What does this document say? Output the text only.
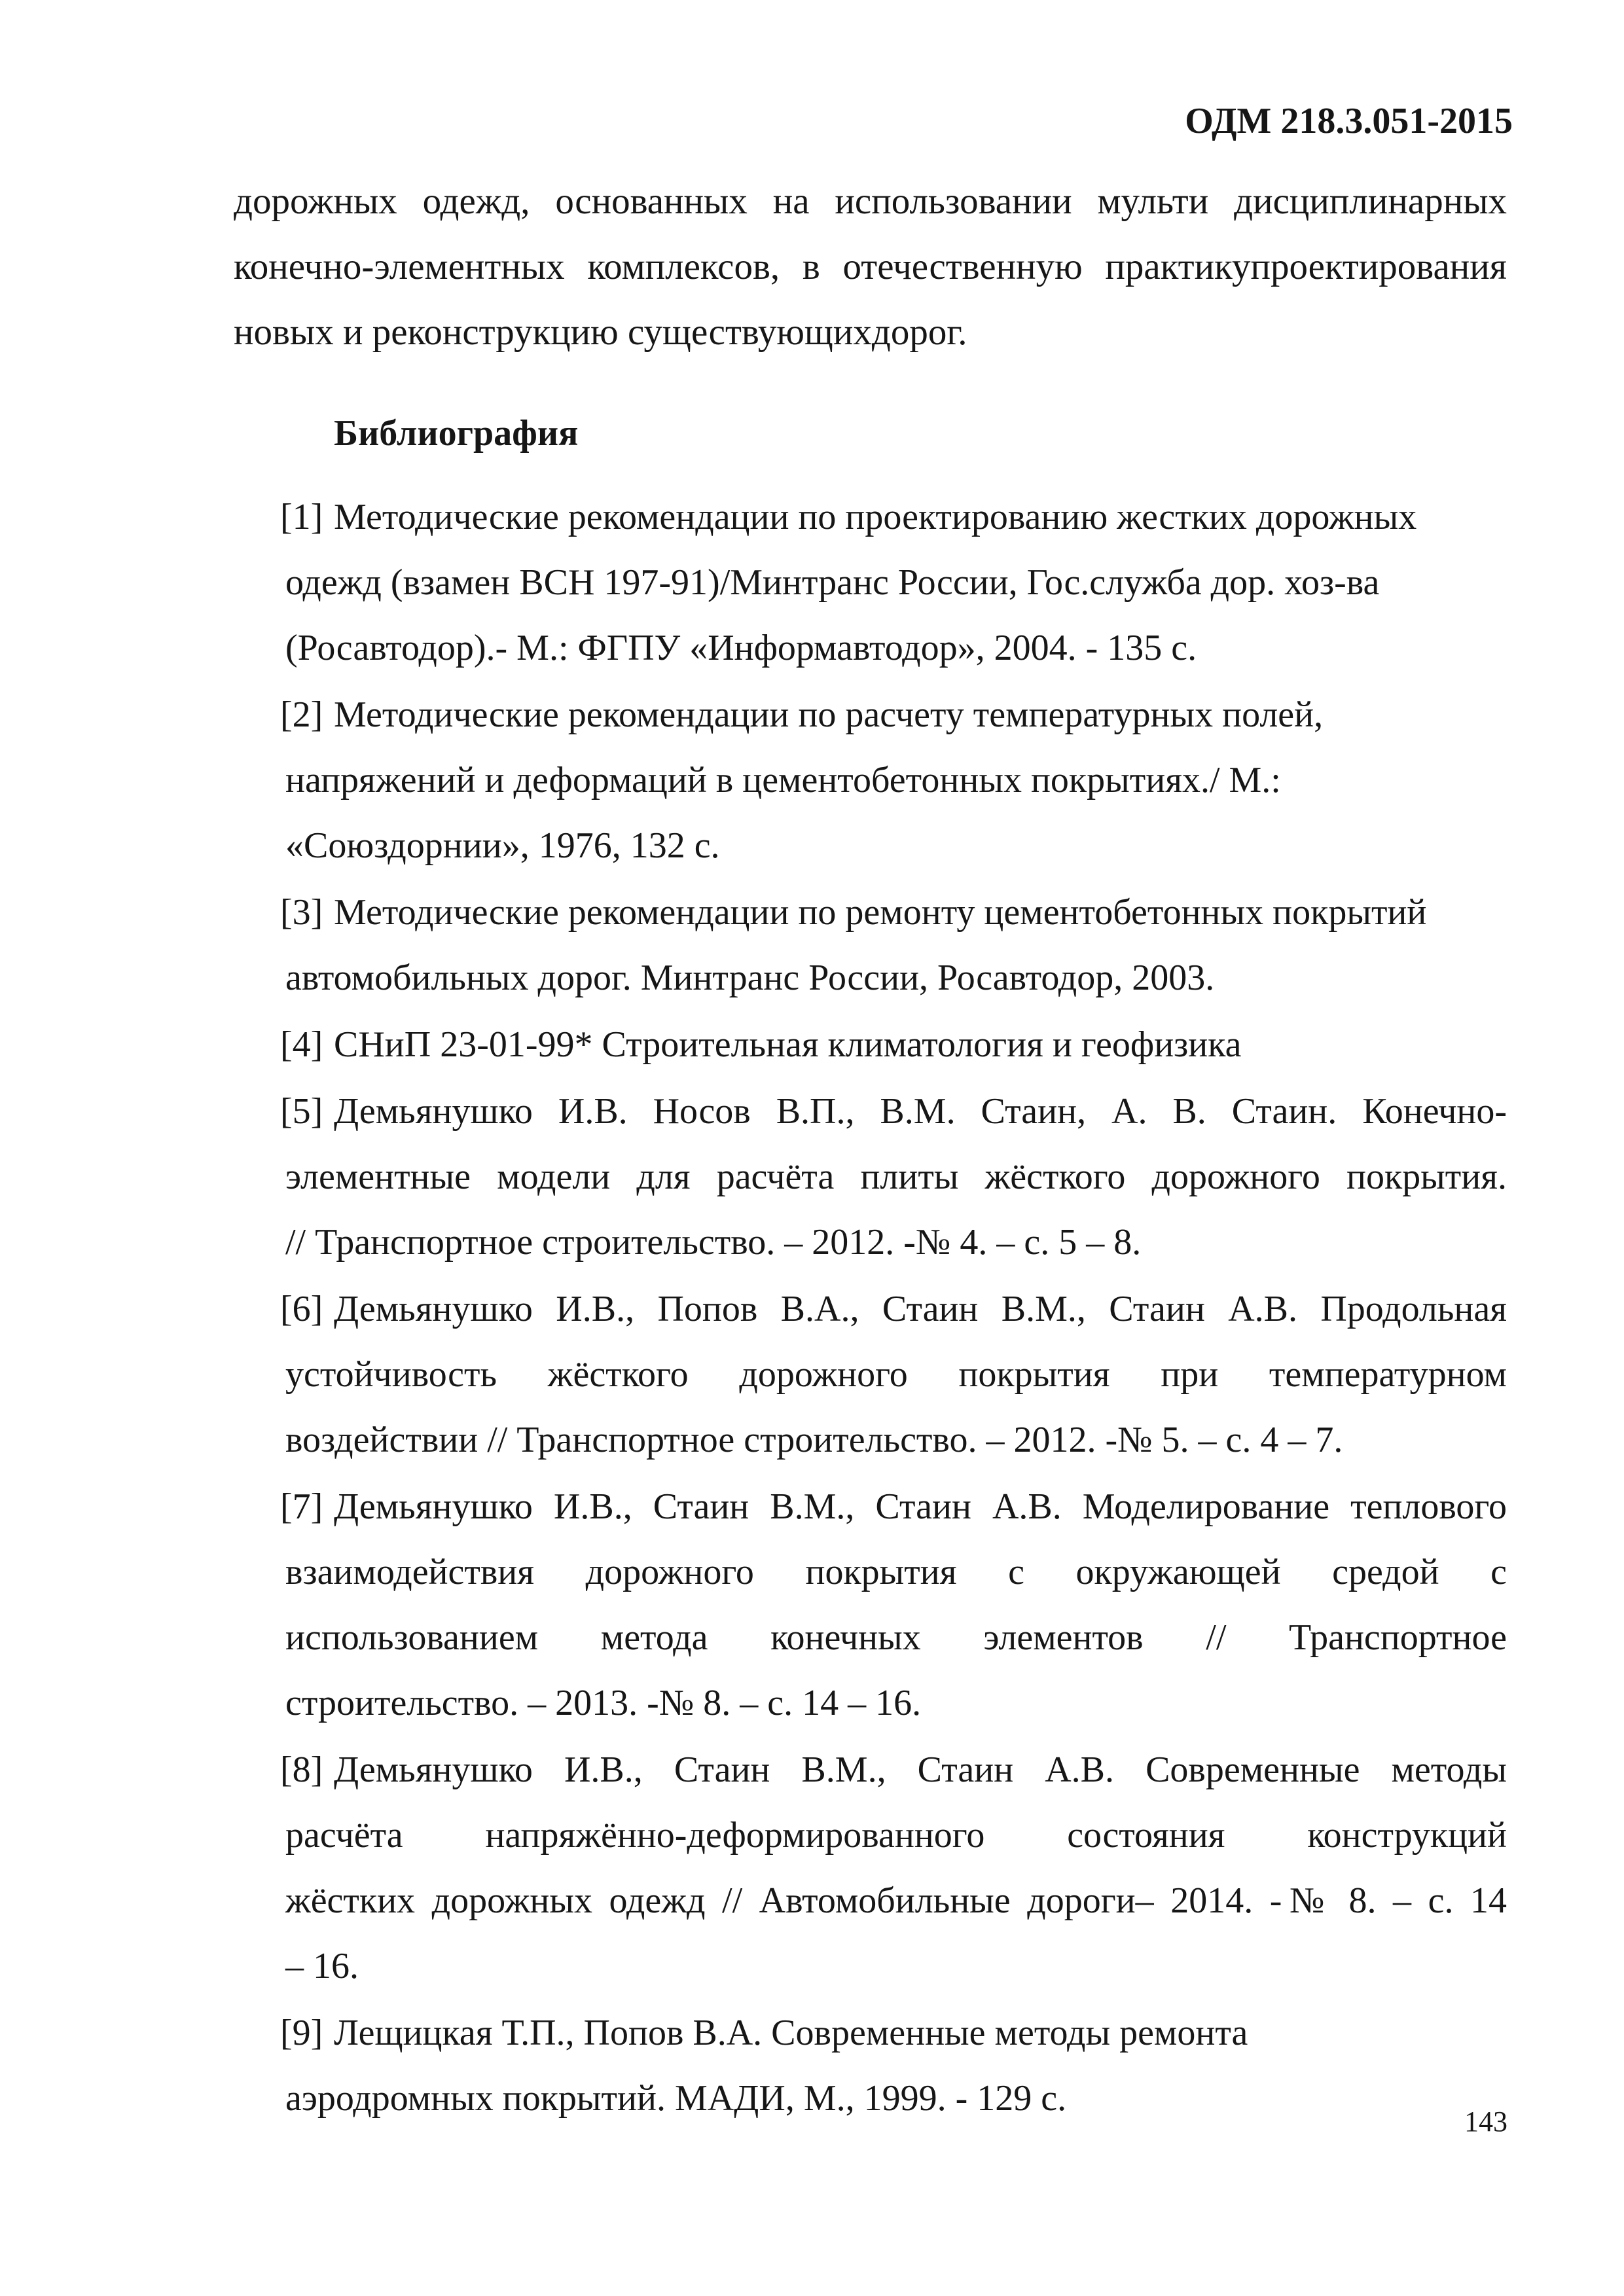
ОДМ 218.3.051-2015

дорожных одежд, основанных на использовании мульти дисциплинарных
конечно-элементных комплексов, в отечественную практикупроектирования
новых и реконструкцию существующихдорог.

Библиография
[1] Методические рекомендации по проектированию жестких дорожных
одежд (взамен ВСН 197-91)/Минтранс России, Гос.служба дор. хоз-ва
(Росавтодор).- М.: ФГПУ «Информавтодор», 2004. - 135 с.
[2] Методические рекомендации по расчету температурных полей,
напряжений и деформаций в цементобетонных покрытиях./ М.:
«Союздорнии», 1976, 132 с.
[3] Методические рекомендации по ремонту цементобетонных покрытий
автомобильных дорог. Минтранс России, Росавтодор, 2003.
[4] СНиП 23-01-99* Строительная климатология и геофизика
[5] Демьянушко И.В. Носов В.П., В.М. Стаин, А. В. Стаин. Конечно-
элементные модели для расчёта плиты жёсткого дорожного покрытия.
// Транспортное строительство. – 2012. -№ 4. – с. 5 – 8.
[6] Демьянушко И.В., Попов В.А., Стаин В.М., Стаин А.В. Продольная
устойчивость жёсткого дорожного покрытия при температурном
воздействии // Транспортное строительство. – 2012. -№ 5. – с. 4 – 7.
[7] Демьянушко И.В., Стаин В.М., Стаин А.В. Моделирование теплового
взаимодействия дорожного покрытия с окружающей средой с
использованием метода конечных элементов // Транспортное
строительство. – 2013. -№ 8. – с. 14 – 16.
[8] Демьянушко И.В., Стаин В.М., Стаин А.В. Современные методы
расчёта напряжённо-деформированного состояния конструкций
жёстких дорожных одежд // Автомобильные дороги– 2014. -№ 8. – с. 14
– 16.
[9] Лещицкая Т.П., Попов В.А. Современные методы ремонта
аэродромных покрытий. МАДИ, М., 1999. - 129 с.
143
